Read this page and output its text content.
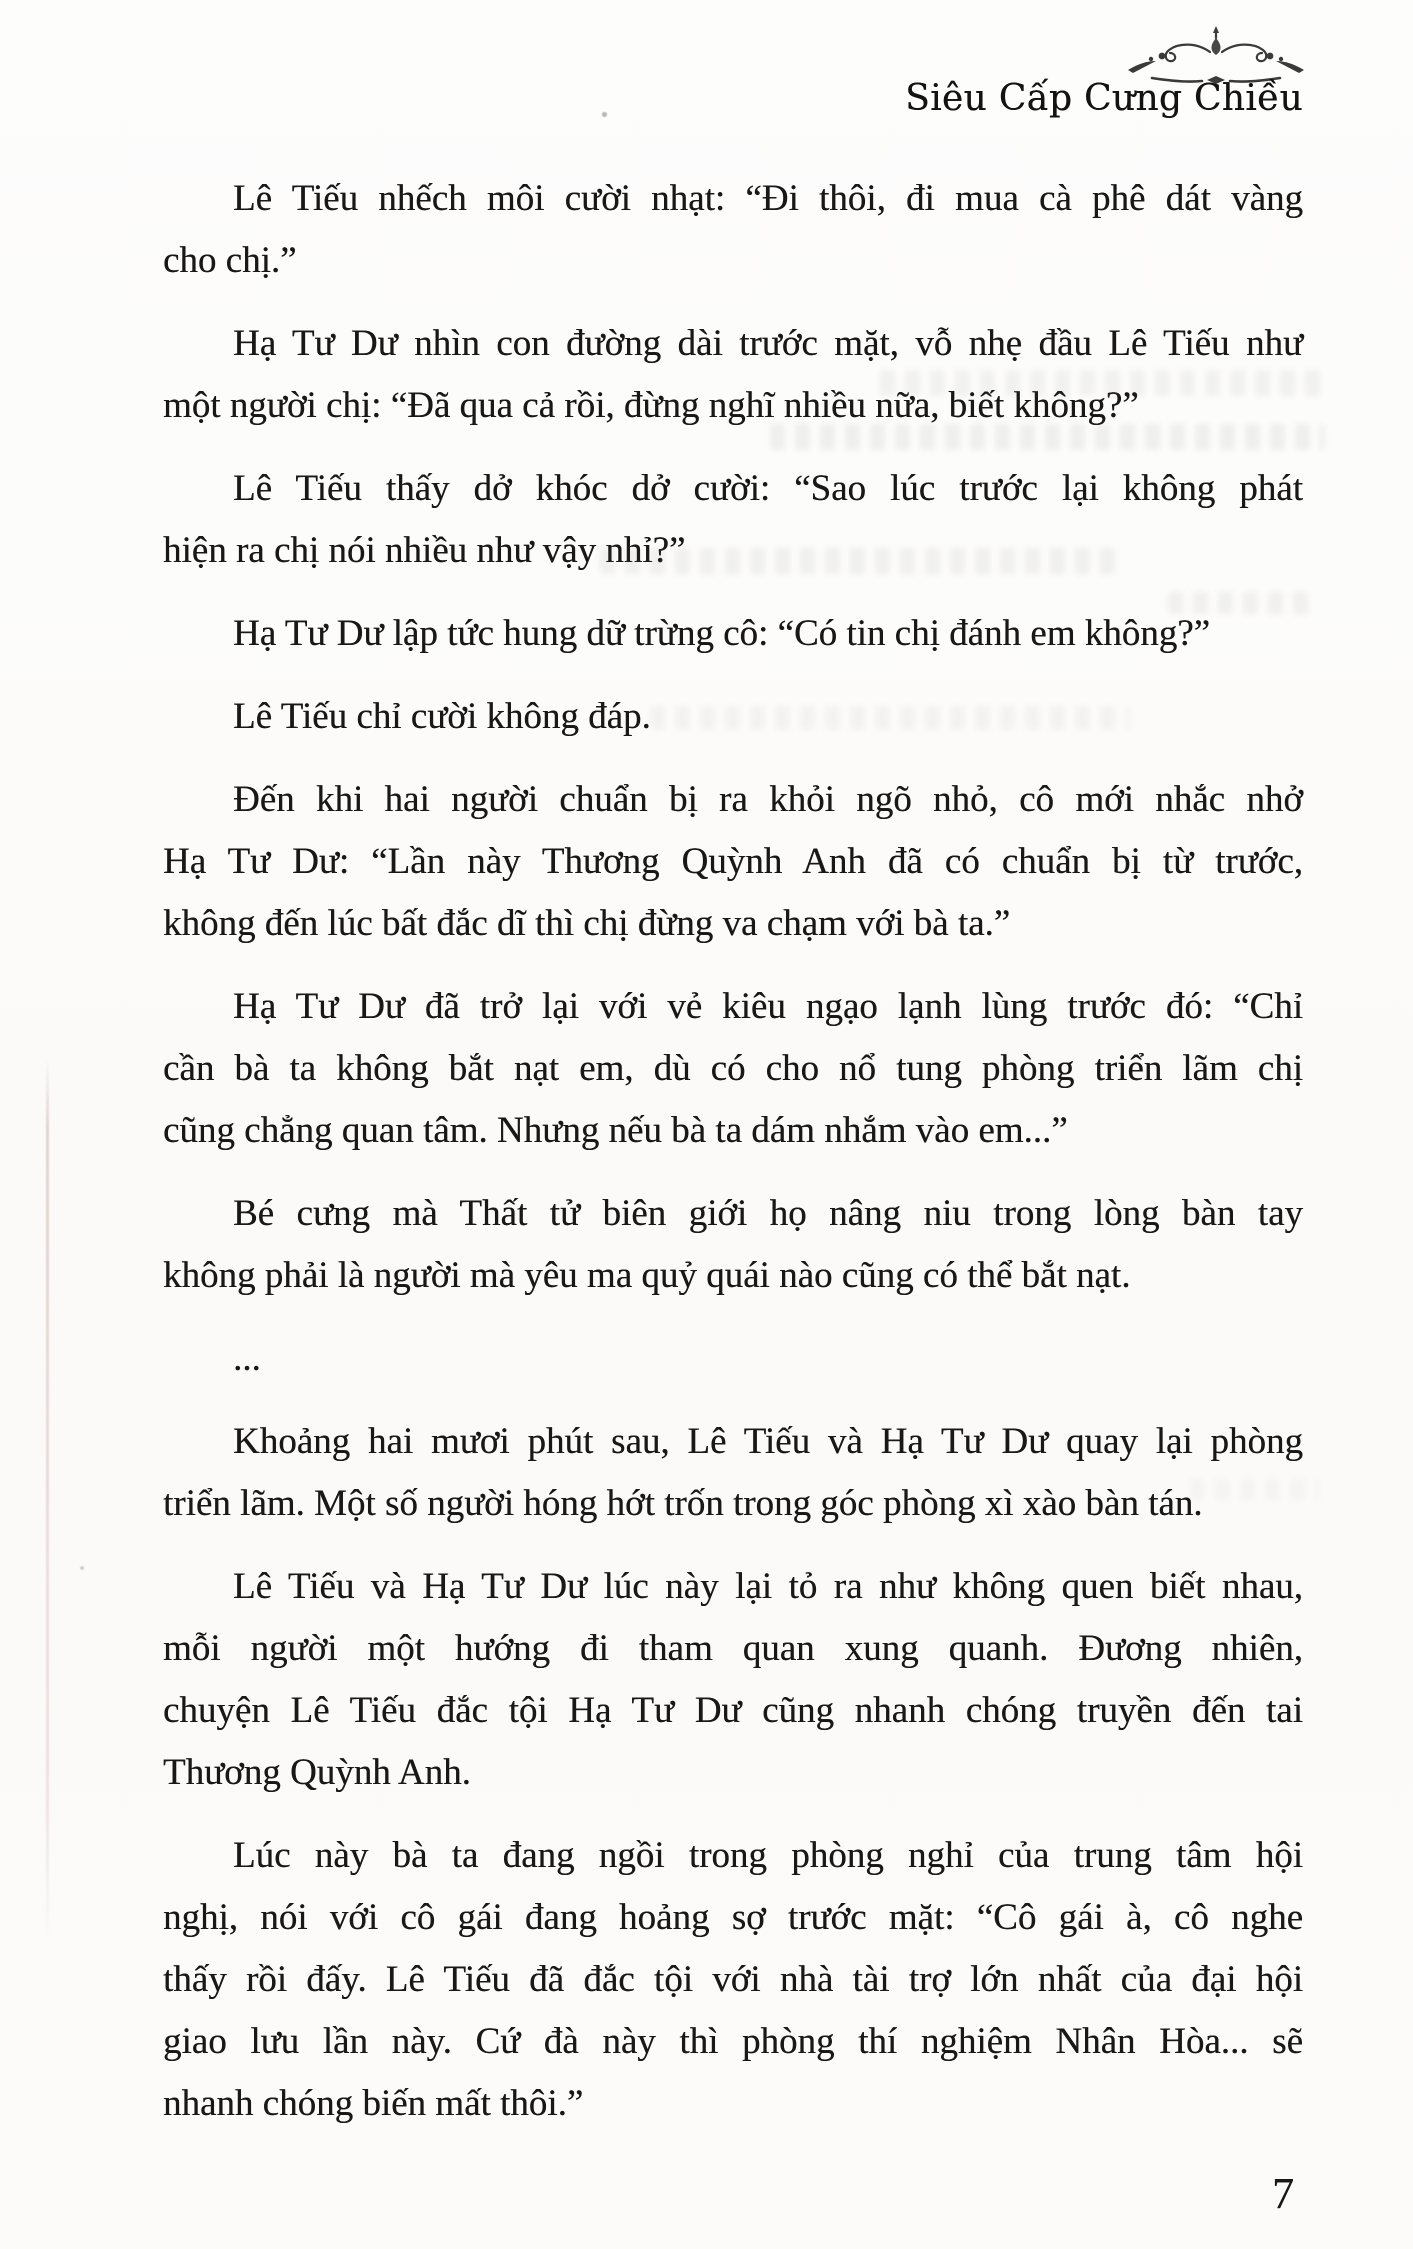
Siêu Cấp Cưng Chiều
Lê Tiếu nhếch môi cười nhạt: “Đi thôi, đi mua cà phê dát vàng
cho chị.”
Hạ Tư Dư nhìn con đường dài trước mặt, vỗ nhẹ đầu Lê Tiếu như
một người chị: “Đã qua cả rồi, đừng nghĩ nhiều nữa, biết không?”
Lê Tiếu thấy dở khóc dở cười: “Sao lúc trước lại không phát
hiện ra chị nói nhiều như vậy nhỉ?”
Hạ Tư Dư lập tức hung dữ trừng cô: “Có tin chị đánh em không?”
Lê Tiếu chỉ cười không đáp.
Đến khi hai người chuẩn bị ra khỏi ngõ nhỏ, cô mới nhắc nhở
Hạ Tư Dư: “Lần này Thương Quỳnh Anh đã có chuẩn bị từ trước,
không đến lúc bất đắc dĩ thì chị đừng va chạm với bà ta.”
Hạ Tư Dư đã trở lại với vẻ kiêu ngạo lạnh lùng trước đó: “Chỉ
cần bà ta không bắt nạt em, dù có cho nổ tung phòng triển lãm chị
cũng chẳng quan tâm. Nhưng nếu bà ta dám nhắm vào em...”
Bé cưng mà Thất tử biên giới họ nâng niu trong lòng bàn tay
không phải là người mà yêu ma quỷ quái nào cũng có thể bắt nạt.
...
Khoảng hai mươi phút sau, Lê Tiếu và Hạ Tư Dư quay lại phòng
triển lãm. Một số người hóng hớt trốn trong góc phòng xì xào bàn tán.
Lê Tiếu và Hạ Tư Dư lúc này lại tỏ ra như không quen biết nhau,
mỗi người một hướng đi tham quan xung quanh. Đương nhiên,
chuyện Lê Tiếu đắc tội Hạ Tư Dư cũng nhanh chóng truyền đến tai
Thương Quỳnh Anh.
Lúc này bà ta đang ngồi trong phòng nghỉ của trung tâm hội
nghị, nói với cô gái đang hoảng sợ trước mặt: “Cô gái à, cô nghe
thấy rồi đấy. Lê Tiếu đã đắc tội với nhà tài trợ lớn nhất của đại hội
giao lưu lần này. Cứ đà này thì phòng thí nghiệm Nhân Hòa... sẽ
nhanh chóng biến mất thôi.”
7
